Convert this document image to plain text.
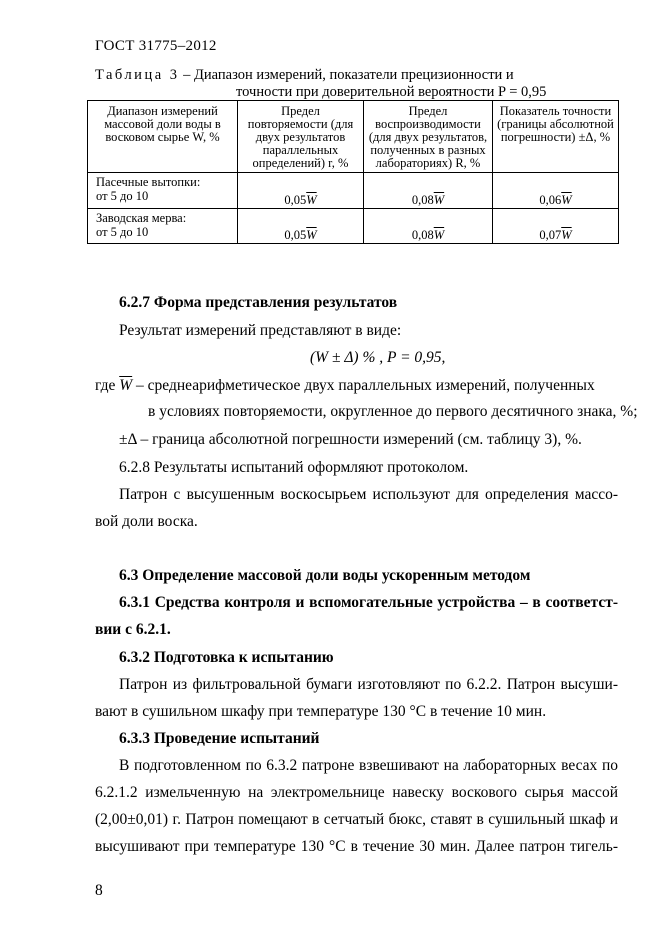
ГОСТ 31775–2012
Таблица 3 – Диапазон измерений, показатели прецизионности и
точности при доверительной вероятности P = 0,95
Диапазон измерений массовой доли воды в восковом сырье W, %	Предел повторяемости (для двух результатов параллельных определений) r, %	Предел воспроизводимости (для двух результатов, полученных в разных лабораториях) R, %	Показатель точности (границы абсолютной погрешности) ±Δ, %

Пасечные вытопки:
от 5 до 10	$0,05\overline{W}$	$0,08\overline{W}$	$0,06\overline{W}$

Заводская мерва:
от 5 до 10	$0,05\overline{W}$	$0,08\overline{W}$	$0,07\overline{W}$
6.2.7 Форма представления результатов
Результат измерений представляют в виде:
(W ± Δ) % , P = 0,95,
где $\overline{W}$ – среднеарифметическое двух параллельных измерений, полученных
в условиях повторяемости, округленное до первого десятичного знака, %;
±Δ – граница абсолютной погрешности измерений (см. таблицу 3), %.
6.2.8 Результаты испытаний оформляют протоколом.
Патрон с высушенным воскосырьем используют для определения массо-
вой доли воска.
6.3 Определение массовой доли воды ускоренным методом
6.3.1 Средства контроля и вспомогательные устройства – в соответст-
вии с 6.2.1.
6.3.2 Подготовка к испытанию
Патрон из фильтровальной бумаги изготовляют по 6.2.2. Патрон высуши-
вают в сушильном шкафу при температуре 130 °С в течение 10 мин.
6.3.3 Проведение испытаний
В подготовленном по 6.3.2 патроне взвешивают на лабораторных весах по
6.2.1.2 измельченную на электромельнице навеску воскового сырья массой
(2,00±0,01) г. Патрон помещают в сетчатый бюкс, ставят в сушильный шкаф и
высушивают при температуре 130 °С в течение 30 мин. Далее патрон тигель-
8
